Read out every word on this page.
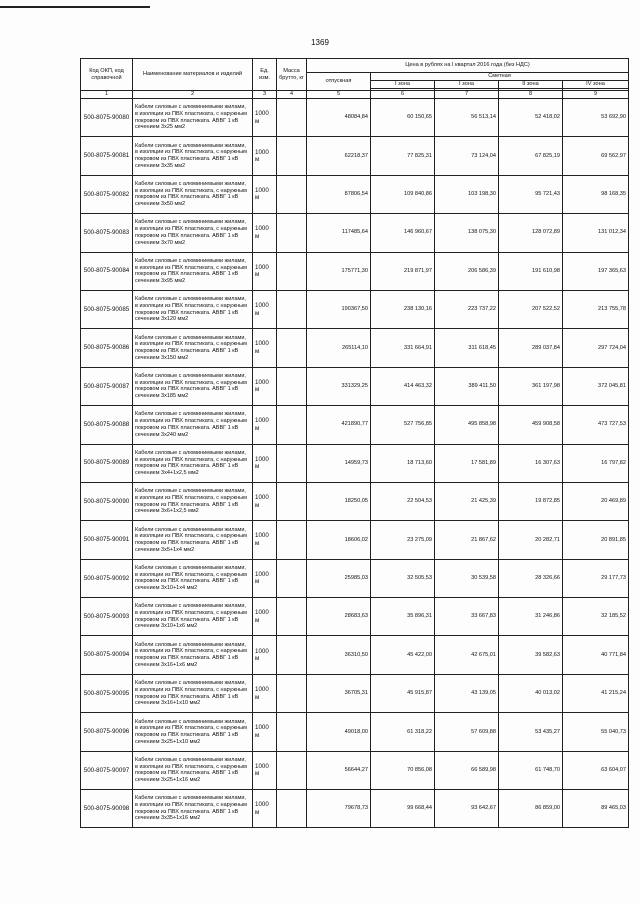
1369
Код ОКП, код справочной	Наименование материалов и изделий	Ед. изм.	Масса брутто, кг	Цена в рублях на I квартал 2016 года (без НДС)				
				отпускная	Сметная			
					I зона	I зона	II зона	IV зона

1	2	3	4	5	6	7	8	9
500-8075-90080	Кабели силовые с алюминиевыми жилами, в изоляции из ПВХ пластиката, с наружным покровом из ПВХ пластиката. АВВГ 1 кВ сечением 3х25 мм2	1000 м		48084,84	60 150,65	56 513,14	52 418,02	53 692,90
500-8075-90081	Кабели силовые с алюминиевыми жилами, в изоляции из ПВХ пластиката, с наружным покровом из ПВХ пластиката. АВВГ 1 кВ сечением 3х35 мм2	1000 м		62218,37	77 825,31	73 124,04	67 825,19	69 562,97
500-8075-90082	Кабели силовые с алюминиевыми жилами, в изоляции из ПВХ пластиката, с наружным покровом из ПВХ пластиката. АВВГ 1 кВ сечением 3х50 мм2	1000 м		87806,54	109 840,86	103 198,30	95 721,43	98 168,35
500-8075-90083	Кабели силовые с алюминиевыми жилами, в изоляции из ПВХ пластиката, с наружным покровом из ПВХ пластиката. АВВГ 1 кВ сечением 3х70 мм2	1000 м		117485,64	146 960,67	138 075,30	128 072,89	131 012,34
500-8075-90084	Кабели силовые с алюминиевыми жилами, в изоляции из ПВХ пластиката, с наружным покровом из ПВХ пластиката. АВВГ 1 кВ сечением 3х95 мм2	1000 м		175771,30	219 871,97	206 586,39	191 610,98	197 365,63
500-8075-90085	Кабели силовые с алюминиевыми жилами, в изоляции из ПВХ пластиката, с наружным покровом из ПВХ пластиката. АВВГ 1 кВ сечением 3х120 мм2	1000 м		190367,50	238 130,16	223 737,22	207 522,52	213 755,78
500-8075-90086	Кабели силовые с алюминиевыми жилами, в изоляции из ПВХ пластиката, с наружным покровом из ПВХ пластиката. АВВГ 1 кВ сечением 3х150 мм2	1000 м		265114,10	331 664,91	311 618,45	289 037,84	297 724,04
500-8075-90087	Кабели силовые с алюминиевыми жилами, в изоляции из ПВХ пластиката, с наружным покровом из ПВХ пластиката. АВВГ 1 кВ сечением 3х185 мм2	1000 м		331329,25	414 463,32	389 411,50	361 197,98	372 045,81
500-8075-90088	Кабели силовые с алюминиевыми жилами, в изоляции из ПВХ пластиката, с наружным покровом из ПВХ пластиката. АВВГ 1 кВ сечением 3х240 мм2	1000 м		421890,77	527 756,85	495 858,98	459 908,58	473 727,53
500-8075-90089	Кабели силовые с алюминиевыми жилами, в изоляции из ПВХ пластиката, с наружным покровом из ПВХ пластиката. АВВГ 1 кВ сечением 3х4+1х2,5 мм2	1000 м		14959,73	18 713,60	17 581,89	16 307,63	16 797,82
500-8075-90090	Кабели силовые с алюминиевыми жилами, в изоляции из ПВХ пластиката, с наружным покровом из ПВХ пластиката. АВВГ 1 кВ сечением 3х6+1х2,5 мм2	1000 м		18250,05	22 504,53	21 425,39	19 872,85	20 469,89
500-8075-90091	Кабели силовые с алюминиевыми жилами, в изоляции из ПВХ пластиката, с наружным покровом из ПВХ пластиката. АВВГ 1 кВ сечением 3х5+1х4 мм2	1000 м		18606,02	23 275,09	21 867,62	20 282,71	20 891,85
500-8075-90092	Кабели силовые с алюминиевыми жилами, в изоляции из ПВХ пластиката, с наружным покровом из ПВХ пластиката. АВВГ 1 кВ сечением 3х10+1х4 мм2	1000 м		25985,03	32 505,53	30 539,58	28 326,66	29 177,73
500-8075-90093	Кабели силовые с алюминиевыми жилами, в изоляции из ПВХ пластиката, с наружным покровом из ПВХ пластиката. АВВГ 1 кВ сечением 3х10+1х6 мм2	1000 м		28683,63	35 896,31	33 667,83	31 246,86	32 185,52
500-8075-90094	Кабели силовые с алюминиевыми жилами, в изоляции из ПВХ пластиката, с наружным покровом из ПВХ пластиката. АВВГ 1 кВ сечением 3х16+1х6 мм2	1000 м		36310,50	45 422,00	42 675,01	39 582,63	40 771,84
500-8075-90095	Кабели силовые с алюминиевыми жилами, в изоляции из ПВХ пластиката, с наружным покровом из ПВХ пластиката. АВВГ 1 кВ сечением 3х16+1х10 мм2	1000 м		36705,31	45 915,87	43 139,05	40 013,02	41 215,24
500-8075-90096	Кабели силовые с алюминиевыми жилами, в изоляции из ПВХ пластиката, с наружным покровом из ПВХ пластиката. АВВГ 1 кВ сечением 3х25+1х10 мм2	1000 м		49018,00	61 318,22	57 609,88	53 435,27	55 040,73
500-8075-90097	Кабели силовые с алюминиевыми жилами, в изоляции из ПВХ пластиката, с наружным покровом из ПВХ пластиката. АВВГ 1 кВ сечением 3х25+1х16 мм2	1000 м		56644,27	70 856,08	66 589,98	61 748,70	63 604,07
500-8075-90098	Кабели силовые с алюминиевыми жилами, в изоляции из ПВХ пластиката, с наружным покровом из ПВХ пластиката. АВВГ 1 кВ сечением 3х35+1х16 мм2	1000 м		79678,73	99 668,44	93 642,67	86 859,00	89 465,03
